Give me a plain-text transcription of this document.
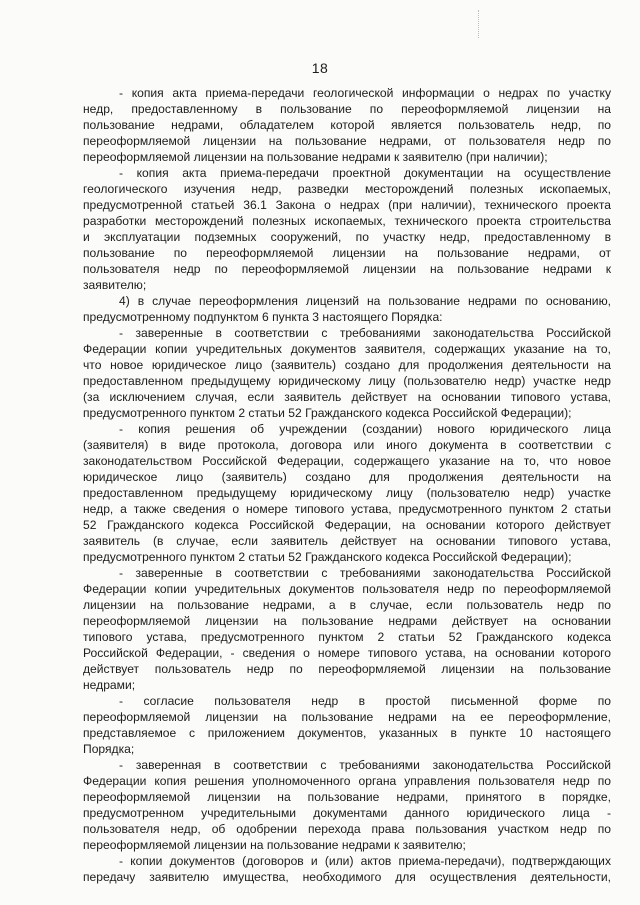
18
- копия акта приема-передачи геологической информации о недрах по участку
недр, предоставленному в пользование по переоформляемой лицензии на
пользование недрами, обладателем которой является пользователь недр, по
переоформляемой лицензии на пользование недрами, от пользователя недр по
переоформляемой лицензии на пользование недрами к заявителю (при наличии);
- копия акта приема-передачи проектной документации на осуществление
геологического изучения недр, разведки месторождений полезных ископаемых,
предусмотренной статьей 36.1 Закона о недрах (при наличии), технического проекта
разработки месторождений полезных ископаемых, технического проекта строительства
и эксплуатации подземных сооружений, по участку недр, предоставленному в
пользование по переоформляемой лицензии на пользование недрами, от
пользователя недр по переоформляемой лицензии на пользование недрами к
заявителю;
4) в случае переоформления лицензий на пользование недрами по основанию,
предусмотренному подпунктом 6 пункта 3 настоящего Порядка:
- заверенные в соответствии с требованиями законодательства Российской
Федерации копии учредительных документов заявителя, содержащих указание на то,
что новое юридическое лицо (заявитель) создано для продолжения деятельности на
предоставленном предыдущему юридическому лицу (пользователю недр) участке недр
(за исключением случая, если заявитель действует на основании типового устава,
предусмотренного пунктом 2 статьи 52 Гражданского кодекса Российской Федерации);
- копия решения об учреждении (создании) нового юридического лица
(заявителя) в виде протокола, договора или иного документа в соответствии с
законодательством Российской Федерации, содержащего указание на то, что новое
юридическое лицо (заявитель) создано для продолжения деятельности на
предоставленном предыдущему юридическому лицу (пользователю недр) участке
недр, а также сведения о номере типового устава, предусмотренного пунктом 2 статьи
52 Гражданского кодекса Российской Федерации, на основании которого действует
заявитель (в случае, если заявитель действует на основании типового устава,
предусмотренного пунктом 2 статьи 52 Гражданского кодекса Российской Федерации);
- заверенные в соответствии с требованиями законодательства Российской
Федерации копии учредительных документов пользователя недр по переоформляемой
лицензии на пользование недрами, а в случае, если пользователь недр по
переоформляемой лицензии на пользование недрами действует на основании
типового устава, предусмотренного пунктом 2 статьи 52 Гражданского кодекса
Российской Федерации, - сведения о номере типового устава, на основании которого
действует пользователь недр по переоформляемой лицензии на пользование
недрами;
- согласие пользователя недр в простой письменной форме по
переоформляемой лицензии на пользование недрами на ее переоформление,
представляемое с приложением документов, указанных в пункте 10 настоящего
Порядка;
- заверенная в соответствии с требованиями законодательства Российской
Федерации копия решения уполномоченного органа управления пользователя недр по
переоформляемой лицензии на пользование недрами, принятого в порядке,
предусмотренном учредительными документами данного юридического лица -
пользователя недр, об одобрении перехода права пользования участком недр по
переоформляемой лицензии на пользование недрами к заявителю;
- копии документов (договоров и (или) актов приема-передачи), подтверждающих
передачу заявителю имущества, необходимого для осуществления деятельности,
